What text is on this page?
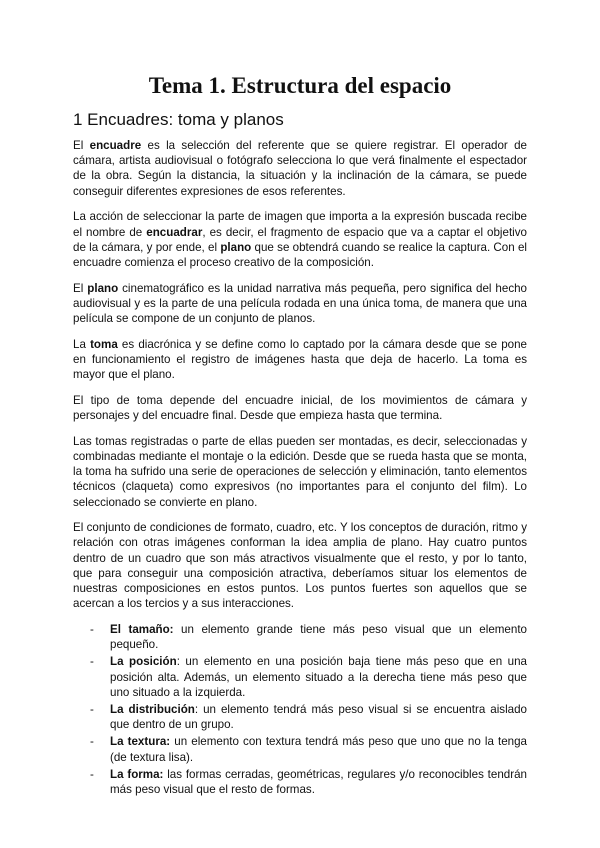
Tema 1. Estructura del espacio
1 Encuadres: toma y planos

El encuadre es la selección del referente que se quiere registrar. El operador de cámara, artista audiovisual o fotógrafo selecciona lo que verá finalmente el espectador de la obra. Según la distancia, la situación y la inclinación de la cámara, se puede conseguir diferentes expresiones de esos referentes.

La acción de seleccionar la parte de imagen que importa a la expresión buscada recibe el nombre de encuadrar, es decir, el fragmento de espacio que va a captar el objetivo de la cámara, y por ende, el plano que se obtendrá cuando se realice la captura. Con el encuadre comienza el proceso creativo de la composición.

El plano cinematográfico es la unidad narrativa más pequeña, pero significa del hecho audiovisual y es la parte de una película rodada en una única toma, de manera que una película se compone de un conjunto de planos.

La toma es diacrónica y se define como lo captado por la cámara desde que se pone en funcionamiento el registro de imágenes hasta que deja de hacerlo. La toma es mayor que el plano.

El tipo de toma depende del encuadre inicial, de los movimientos de cámara y personajes y del encuadre final. Desde que empieza hasta que termina.

Las tomas registradas o parte de ellas pueden ser montadas, es decir, seleccionadas y combinadas mediante el montaje o la edición. Desde que se rueda hasta que se monta, la toma ha sufrido una serie de operaciones de selección y eliminación, tanto elementos técnicos (claqueta) como expresivos (no importantes para el conjunto del film). Lo seleccionado se convierte en plano.

El conjunto de condiciones de formato, cuadro, etc. Y los conceptos de duración, ritmo y relación con otras imágenes conforman la idea amplia de plano. Hay cuatro puntos dentro de un cuadro que son más atractivos visualmente que el resto, y por lo tanto, que para conseguir una composición atractiva, deberíamos situar los elementos de nuestras composiciones en estos puntos. Los puntos fuertes son aquellos que se acercan a los tercios y a sus interacciones.

- El tamaño: un elemento grande tiene más peso visual que un elemento pequeño.
- La posición: un elemento en una posición baja tiene más peso que en una posición alta. Además, un elemento situado a la derecha tiene más peso que uno situado a la izquierda.
- La distribución: un elemento tendrá más peso visual si se encuentra aislado que dentro de un grupo.
- La textura: un elemento con textura tendrá más peso que uno que no la tenga (de textura lisa).
- La forma: las formas cerradas, geométricas, regulares y/o reconocibles tendrán más peso visual que el resto de formas.
